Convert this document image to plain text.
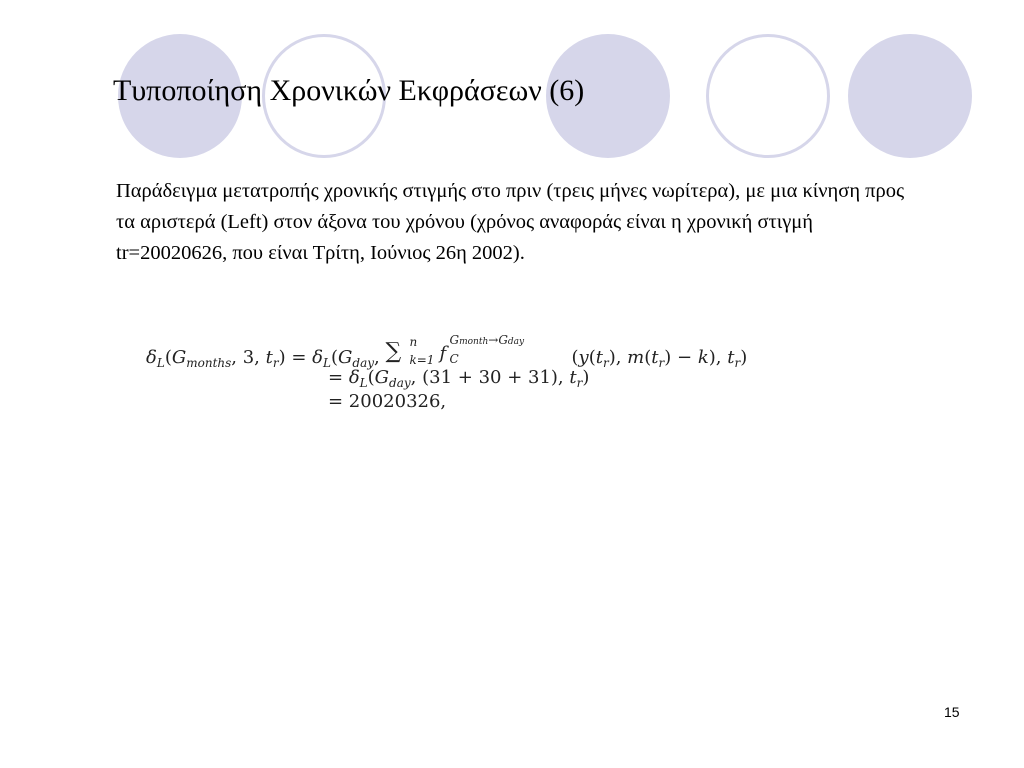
Τυποποίηση Χρονικών Εκφράσεων (6)
Παράδειγμα μετατροπής χρονικής στιγμής στο πριν (τρεις μήνες νωρίτερα), με μια κίνηση προς τα αριστερά (Left) στον άξονα του χρόνου (χρόνος αναφοράς είναι η χρονική στιγμή tr=20020626, που είναι Τρίτη, Ιούνιος 26η 2002).
$\delta_L(G_{months}$, 3, $t_r) = \delta_L(G_{day}$, ∑ n
k=1 f
Gmonth→Gday
C	($y(t_r)$, $m(t_r) - k$), $t_r$)
= $\delta_L(G_{day}$, (31 + 30 + 31), $t_r$)
= 20020326,
15
